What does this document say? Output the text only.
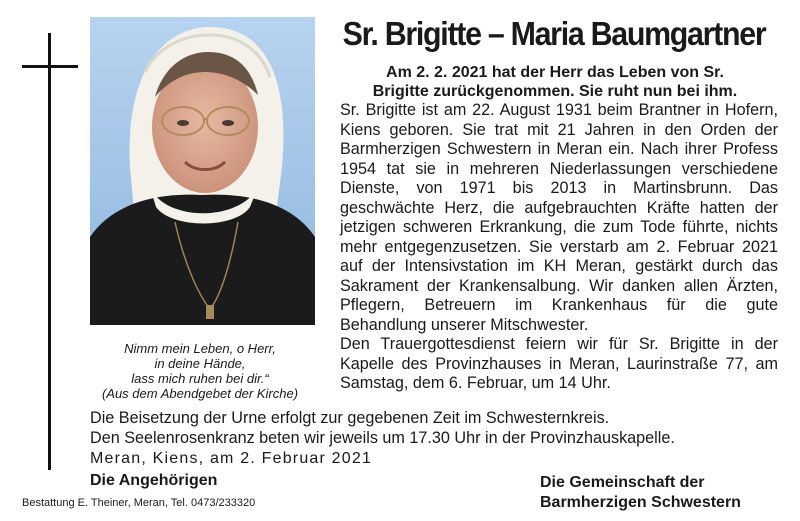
Nimm mein Leben, o Herr,
in deine Hände,
lass mich ruhen bei dir.“
(Aus dem Abendgebet der Kirche)
Sr. Brigitte – Maria Baumgartner
Am 2. 2. 2021 hat der Herr das Leben von Sr.
Brigitte zurückgenommen. Sie ruht nun bei ihm.

Sr. Brigitte ist am 22. August 1931 beim Brantner in Hofern, Kiens geboren. Sie trat mit 21 Jahren in den Orden der Barmherzigen Schwestern in Meran ein. Nach ihrer Profess 1954 tat sie in mehreren Niederlassungen verschiedene Dienste, von 1971 bis 2013 in Martinsbrunn. Das geschwächte Herz, die aufgebrauchten Kräfte hatten der jetzigen schweren Erkrankung, die zum Tode führte, nichts mehr entgegenzusetzen. Sie verstarb am 2. Februar 2021 auf der Intensivstation im KH Meran, gestärkt durch das Sakrament der Krankensalbung. Wir danken allen Ärzten, Pflegern, Betreuern im Krankenhaus für die gute Behandlung unserer Mitschwester.

Den Trauergottesdienst feiern wir für Sr. Brigitte in der Kapelle des Provinzhauses in Meran, Laurinstraße 77, am Samstag, dem 6. Februar, um 14 Uhr.

Die Beisetzung der Urne erfolgt zur gegebenen Zeit im Schwesternkreis.

Den Seelenrosenkranz beten wir jeweils um 17.30 Uhr in der Provinzhauskapelle.

Meran, Kiens, am 2. Februar 2021
Die Angehörigen	Die Gemeinschaft der
Barmherzigen Schwestern
Bestattung E. Theiner, Meran, Tel. 0473/233320
